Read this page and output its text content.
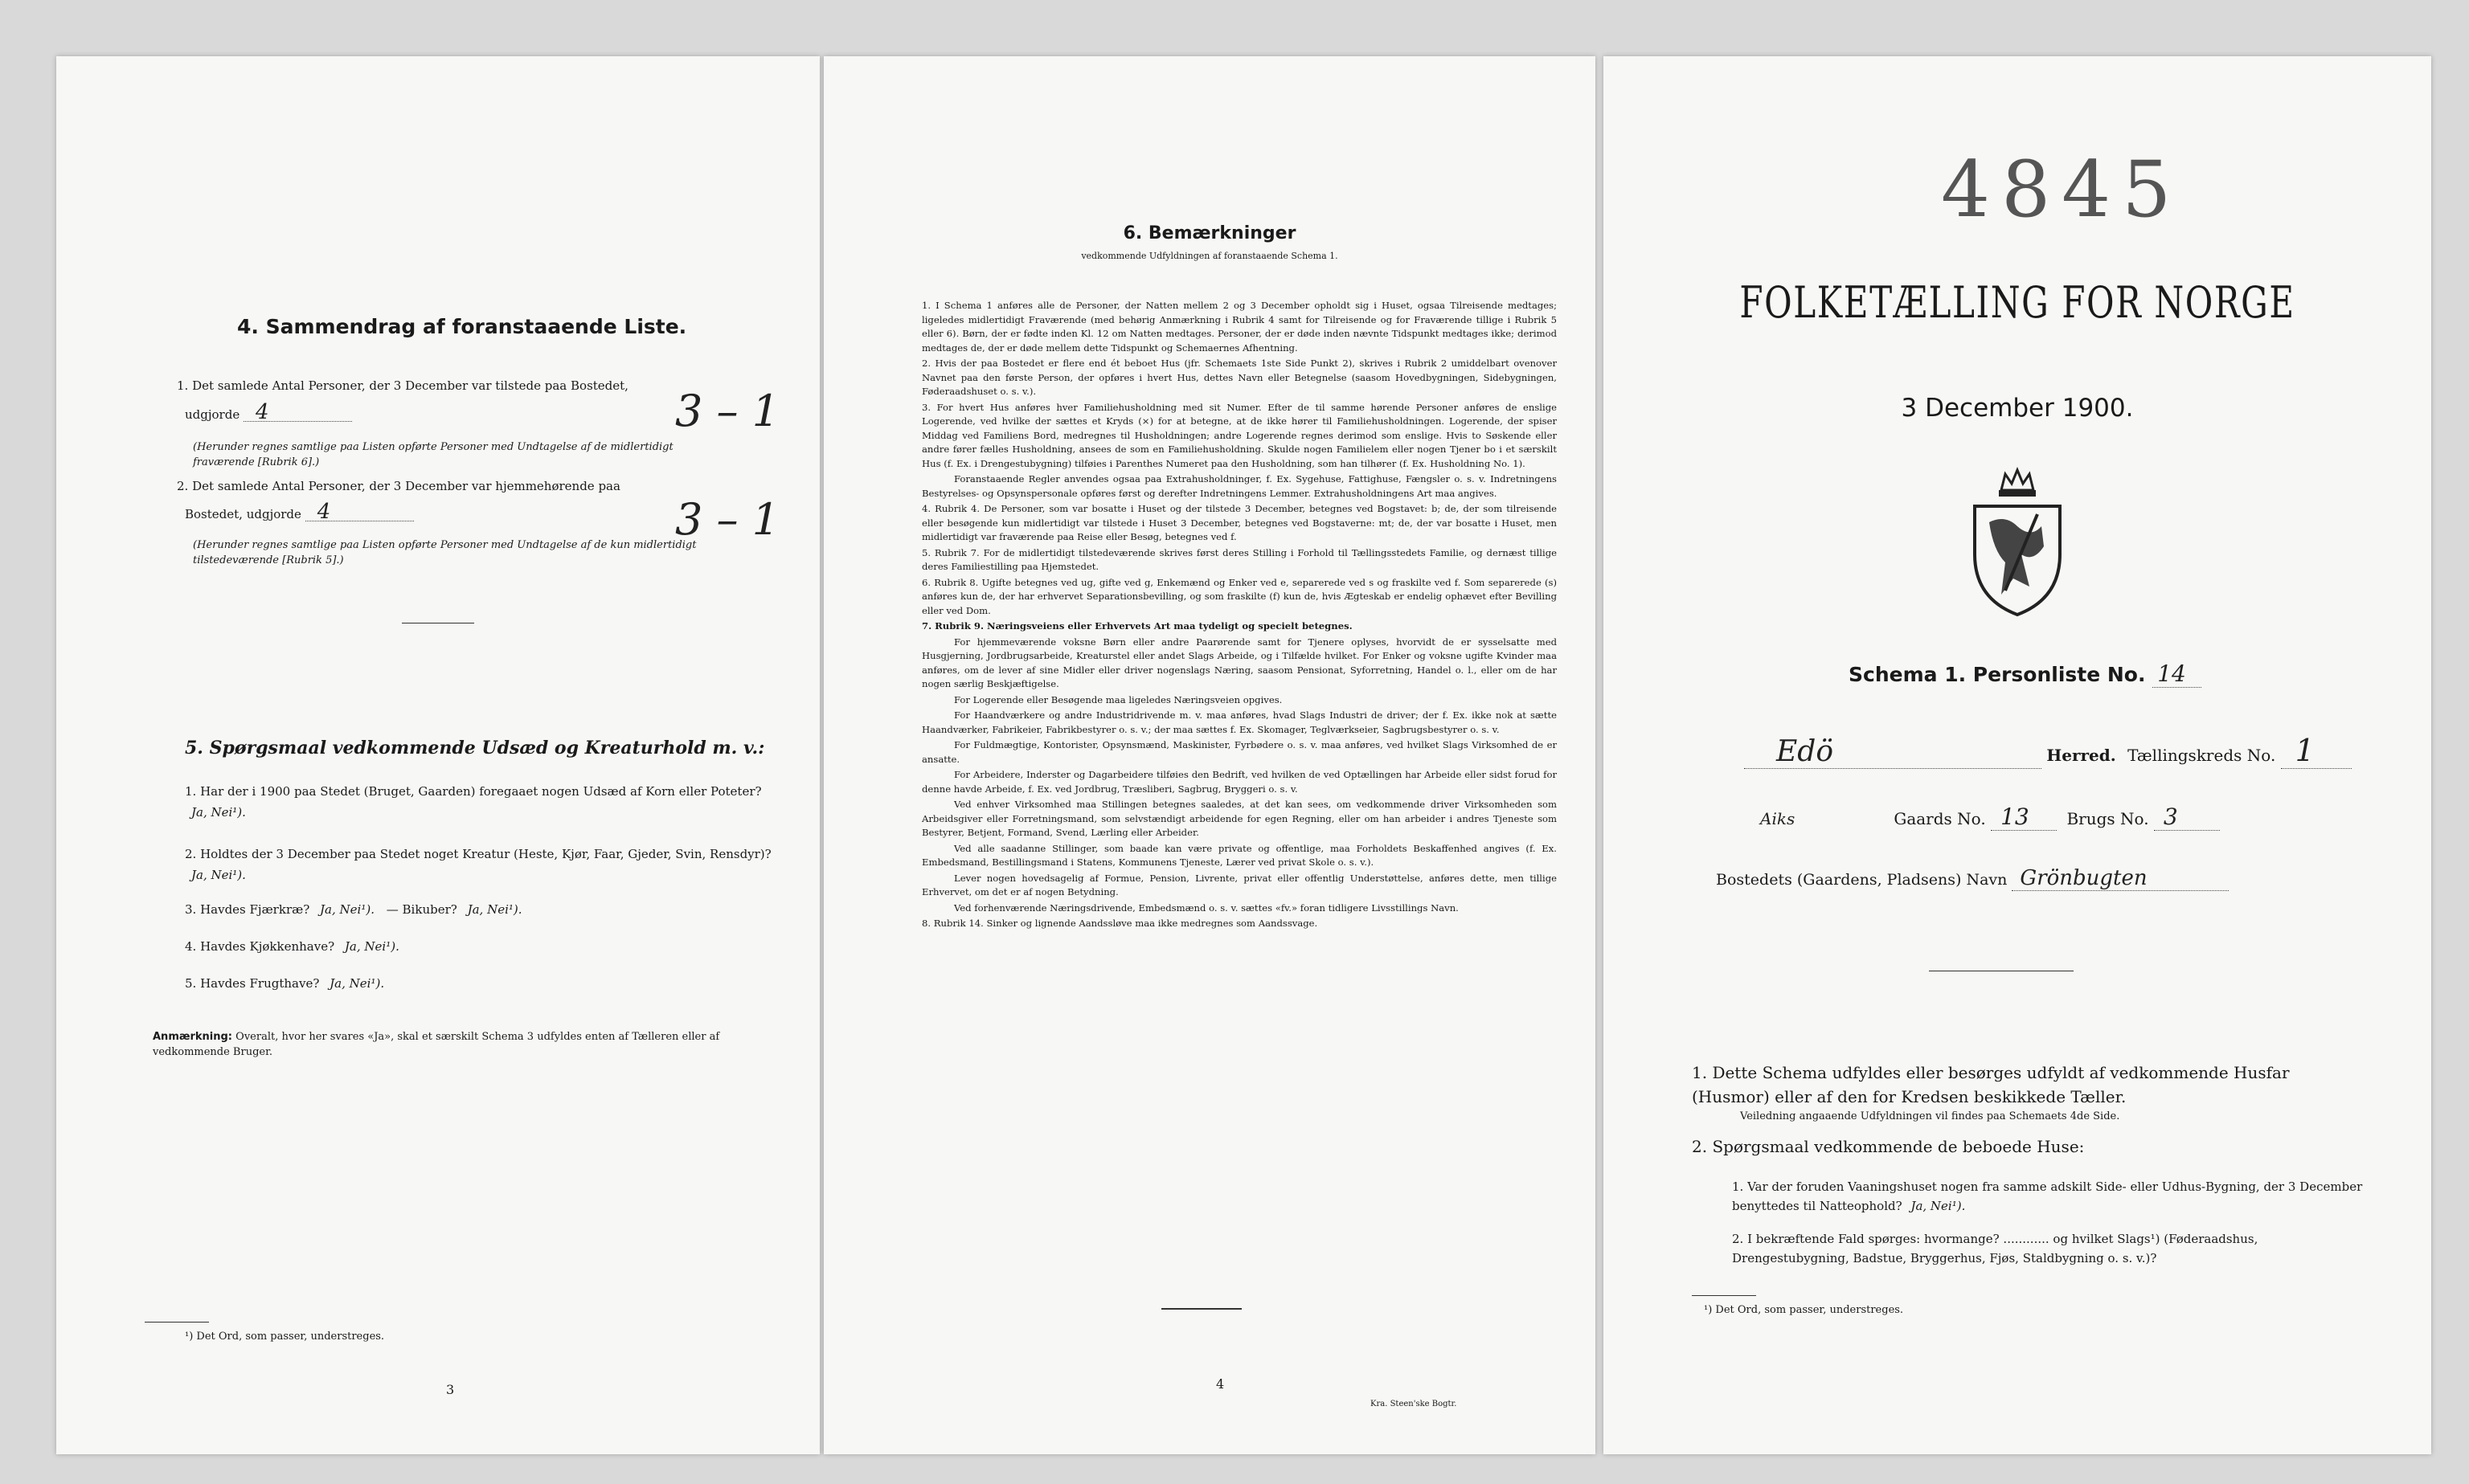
4. Sammendrag af foranstaaende Liste.
1. Det samlede Antal Personer, der 3 December var tilstede paa Bostedet,
udgjorde 4	3 – 1
(Herunder regnes samtlige paa Listen opførte Personer med Undtagelse af de midlertidigt fraværende [Rubrik 6].)
2. Det samlede Antal Personer, der 3 December var hjemmehørende paa
Bostedet, udgjorde 4	3 – 1
(Herunder regnes samtlige paa Listen opførte Personer med Undtagelse af de kun midlertidigt tilstedeværende [Rubrik 5].)
5. Spørgsmaal vedkommende Udsæd og Kreaturhold m. v.:
1. Har der i 1900 paa Stedet (Bruget, Gaarden) foregaaet nogen Udsæd af Korn eller Poteter? Ja, Nei¹).
2. Holdtes der 3 December paa Stedet noget Kreatur (Heste, Kjør, Faar, Gjeder, Svin, Rensdyr)? Ja, Nei¹).
3. Havdes Fjærkræ? Ja, Nei¹). — Bikuber? Ja, Nei¹).
4. Havdes Kjøkkenhave? Ja, Nei¹).
5. Havdes Frugthave? Ja, Nei¹).
Anmærkning: Overalt, hvor her svares «Ja», skal et særskilt Schema 3 udfyldes enten af Tælleren eller af vedkommende Bruger.
¹) Det Ord, som passer, understreges.
3
6. Bemærkninger
vedkommende Udfyldningen af foranstaaende Schema 1.
1. I Schema 1 anføres alle de Personer, der Natten mellem 2 og 3 December opholdt sig i Huset, ogsaa Tilreisende medtages; ligeledes midlertidigt Fraværende (med behørig Anmærkning i Rubrik 4 samt for Tilreisende og for Fraværende tillige i Rubrik 5 eller 6). Børn, der er fødte inden Kl. 12 om Natten medtages. Personer, der er døde inden nævnte Tidspunkt medtages ikke; derimod medtages de, der er døde mellem dette Tidspunkt og Schemaernes Afhentning.
2. Hvis der paa Bostedet er flere end ét beboet Hus (jfr. Schemaets 1ste Side Punkt 2), skrives i Rubrik 2 umiddelbart ovenover Navnet paa den første Person, der opføres i hvert Hus, dettes Navn eller Betegnelse (saasom Hovedbygningen, Sidebygningen, Føderaadshuset o. s. v.).
3. For hvert Hus anføres hver Familiehusholdning med sit Numer. Efter de til samme hørende Personer anføres de enslige Logerende, ved hvilke der sættes et Kryds (×) for at betegne, at de ikke hører til Familiehusholdningen. Logerende, der spiser Middag ved Familiens Bord, medregnes til Husholdningen; andre Logerende regnes derimod som enslige. Hvis to Søskende eller andre fører fælles Husholdning, ansees de som en Familiehusholdning. Skulde nogen Familielem eller nogen Tjener bo i et særskilt Hus (f. Ex. i Drengestubygning) tilføies i Parenthes Numeret paa den Husholdning, som han tilhører (f. Ex. Husholdning No. 1).
Foranstaaende Regler anvendes ogsaa paa Extrahusholdninger, f. Ex. Sygehuse, Fattighuse, Fængsler o. s. v. Indretningens Bestyrelses- og Opsynspersonale opføres først og derefter Indretningens Lemmer. Extrahusholdningens Art maa angives.
4. Rubrik 4. De Personer, som var bosatte i Huset og der tilstede 3 December, betegnes ved Bogstavet: b; de, der som tilreisende eller besøgende kun midlertidigt var tilstede i Huset 3 December, betegnes ved Bogstaverne: mt; de, der var bosatte i Huset, men midlertidigt var fraværende paa Reise eller Besøg, betegnes ved f.
5. Rubrik 7. For de midlertidigt tilstedeværende skrives først deres Stilling i Forhold til Tællingsstedets Familie, og dernæst tillige deres Familiestilling paa Hjemstedet.
6. Rubrik 8. Ugifte betegnes ved ug, gifte ved g, Enkemænd og Enker ved e, separerede ved s og fraskilte ved f. Som separerede (s) anføres kun de, der har erhvervet Separationsbevilling, og som fraskilte (f) kun de, hvis Ægteskab er endelig ophævet efter Bevilling eller ved Dom.
7. Rubrik 9. Næringsveiens eller Erhvervets Art maa tydeligt og specielt betegnes.
For hjemmeværende voksne Børn eller andre Paarørende samt for Tjenere oplyses, hvorvidt de er sysselsatte med Husgjerning, Jordbrugsarbeide, Kreaturstel eller andet Slags Arbeide, og i Tilfælde hvilket. For Enker og voksne ugifte Kvinder maa anføres, om de lever af sine Midler eller driver nogenslags Næring, saasom Pensionat, Syforretning, Handel o. l., eller om de har nogen særlig Beskjæftigelse.
For Logerende eller Besøgende maa ligeledes Næringsveien opgives.
For Haandværkere og andre Industridrivende m. v. maa anføres, hvad Slags Industri de driver; der f. Ex. ikke nok at sætte Haandværker, Fabrikeier, Fabrikbestyrer o. s. v.; der maa sættes f. Ex. Skomager, Teglværkseier, Sagbrugsbestyrer o. s. v.
For Fuldmægtige, Kontorister, Opsynsmænd, Maskinister, Fyrbødere o. s. v. maa anføres, ved hvilket Slags Virksomhed de er ansatte.
For Arbeidere, Inderster og Dagarbeidere tilføies den Bedrift, ved hvilken de ved Optællingen har Arbeide eller sidst forud for denne havde Arbeide, f. Ex. ved Jordbrug, Træsliberi, Sagbrug, Bryggeri o. s. v.
Ved enhver Virksomhed maa Stillingen betegnes saaledes, at det kan sees, om vedkommende driver Virksomheden som Arbeidsgiver eller Forretningsmand, som selvstændigt arbeidende for egen Regning, eller om han arbeider i andres Tjeneste som Bestyrer, Betjent, Formand, Svend, Lærling eller Arbeider.
Ved alle saadanne Stillinger, som baade kan være private og offentlige, maa Forholdets Beskaffenhed angives (f. Ex. Embedsmand, Bestillingsmand i Statens, Kommunens Tjeneste, Lærer ved privat Skole o. s. v.).
Lever nogen hovedsagelig af Formue, Pension, Livrente, privat eller offentlig Understøttelse, anføres dette, men tillige Erhvervet, om det er af nogen Betydning.
Ved forhenværende Næringsdrivende, Embedsmænd o. s. v. sættes «fv.» foran tidligere Livsstillings Navn.
8. Rubrik 14. Sinker og lignende Aandssløve maa ikke medregnes som Aandssvage.
4
Kra. Steen'ske Bogtr.
4845
FOLKETÆLLING FOR NORGE
3 December 1900.
Schema 1. Personliste No. 14
Edö	Herred. Tællingskreds No. 1
Aiks	Gaards No. 13 Brugs No. 3
Bostedets (Gaardens, Pladsens) Navn Grönbugten
1. Dette Schema udfyldes eller besørges udfyldt af vedkommende Husfar (Husmor) eller af den for Kredsen beskikkede Tæller.
Veiledning angaaende Udfyldningen vil findes paa Schemaets 4de Side.
2. Spørgsmaal vedkommende de beboede Huse:
1. Var der foruden Vaaningshuset nogen fra samme adskilt Side- eller Udhus-Bygning, der 3 December benyttedes til Natteophold? Ja, Nei¹).
2. I bekræftende Fald spørges: hvormange? ............ og hvilket Slags¹) (Føderaadshus, Drengestubygning, Badstue, Bryggerhus, Fjøs, Staldbygning o. s. v.)?
¹) Det Ord, som passer, understreges.
